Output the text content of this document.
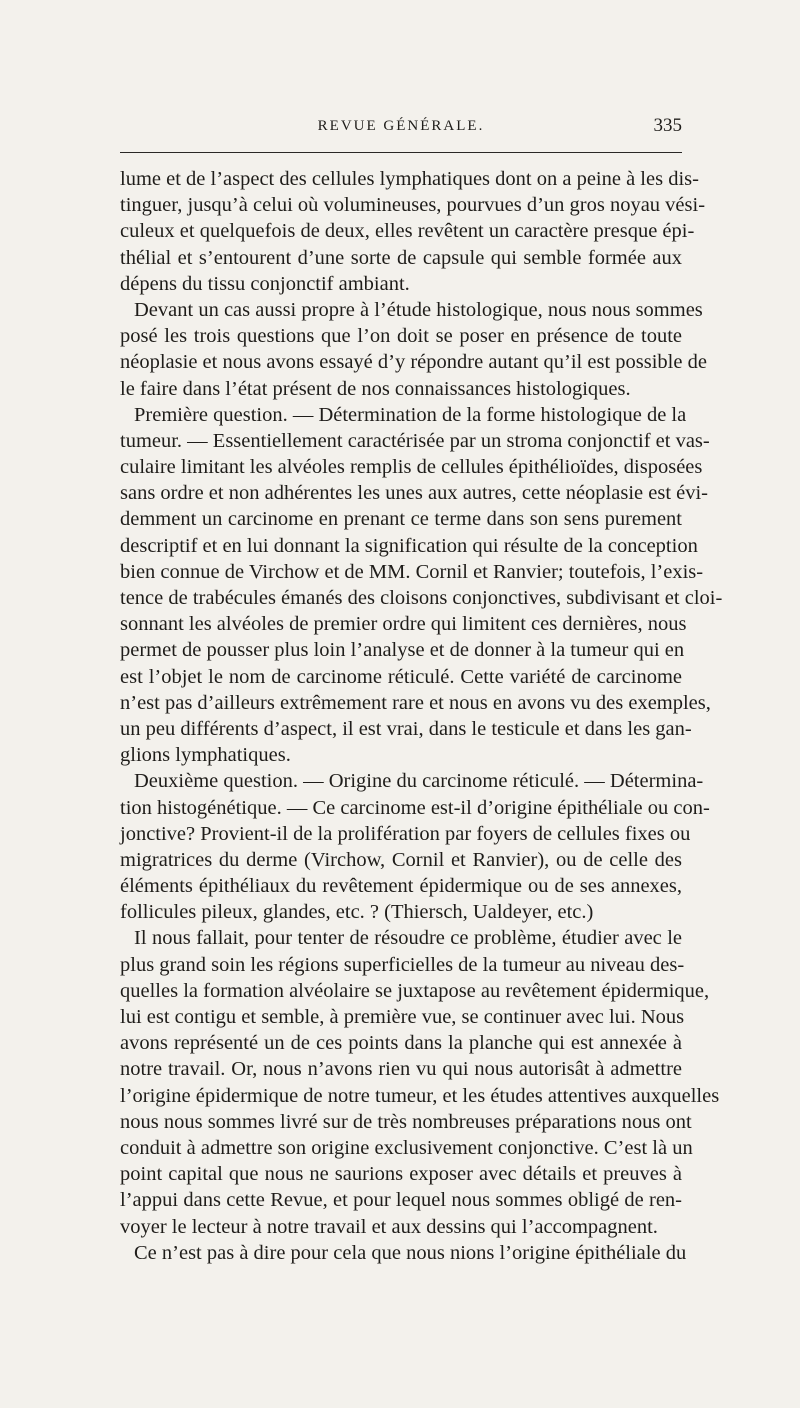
REVUE GÉNÉRALE.	335
lume et de l’aspect des cellules lymphatiques dont on a peine à les dis-
tinguer, jusqu’à celui où volumineuses, pourvues d’un gros noyau vési-
culeux et quelquefois de deux, elles revêtent un caractère presque épi-
thélial et s’entourent d’une sorte de capsule qui semble formée aux
dépens du tissu conjonctif ambiant.
Devant un cas aussi propre à l’étude histologique, nous nous sommes
posé les trois questions que l’on doit se poser en présence de toute
néoplasie et nous avons essayé d’y répondre autant qu’il est possible de
le faire dans l’état présent de nos connaissances histologiques.
Première question. — Détermination de la forme histologique de la
tumeur. — Essentiellement caractérisée par un stroma conjonctif et vas-
culaire limitant les alvéoles remplis de cellules épithélioïdes, disposées
sans ordre et non adhérentes les unes aux autres, cette néoplasie est évi-
demment un carcinome en prenant ce terme dans son sens purement
descriptif et en lui donnant la signification qui résulte de la conception
bien connue de Virchow et de MM. Cornil et Ranvier; toutefois, l’exis-
tence de trabécules émanés des cloisons conjonctives, subdivisant et cloi-
sonnant les alvéoles de premier ordre qui limitent ces dernières, nous
permet de pousser plus loin l’analyse et de donner à la tumeur qui en
est l’objet le nom de carcinome réticulé. Cette variété de carcinome
n’est pas d’ailleurs extrêmement rare et nous en avons vu des exemples,
un peu différents d’aspect, il est vrai, dans le testicule et dans les gan-
glions lymphatiques.
Deuxième question. — Origine du carcinome réticulé. — Détermina-
tion histogénétique. — Ce carcinome est-il d’origine épithéliale ou con-
jonctive? Provient-il de la prolifération par foyers de cellules fixes ou
migratrices du derme (Virchow, Cornil et Ranvier), ou de celle des
éléments épithéliaux du revêtement épidermique ou de ses annexes,
follicules pileux, glandes, etc. ? (Thiersch, Ualdeyer, etc.)
Il nous fallait, pour tenter de résoudre ce problème, étudier avec le
plus grand soin les régions superficielles de la tumeur au niveau des-
quelles la formation alvéolaire se juxtapose au revêtement épidermique,
lui est contigu et semble, à première vue, se continuer avec lui. Nous
avons représenté un de ces points dans la planche qui est annexée à
notre travail. Or, nous n’avons rien vu qui nous autorisât à admettre
l’origine épidermique de notre tumeur, et les études attentives auxquelles
nous nous sommes livré sur de très nombreuses préparations nous ont
conduit à admettre son origine exclusivement conjonctive. C’est là un
point capital que nous ne saurions exposer avec détails et preuves à
l’appui dans cette Revue, et pour lequel nous sommes obligé de ren-
voyer le lecteur à notre travail et aux dessins qui l’accompagnent.
Ce n’est pas à dire pour cela que nous nions l’origine épithéliale du
